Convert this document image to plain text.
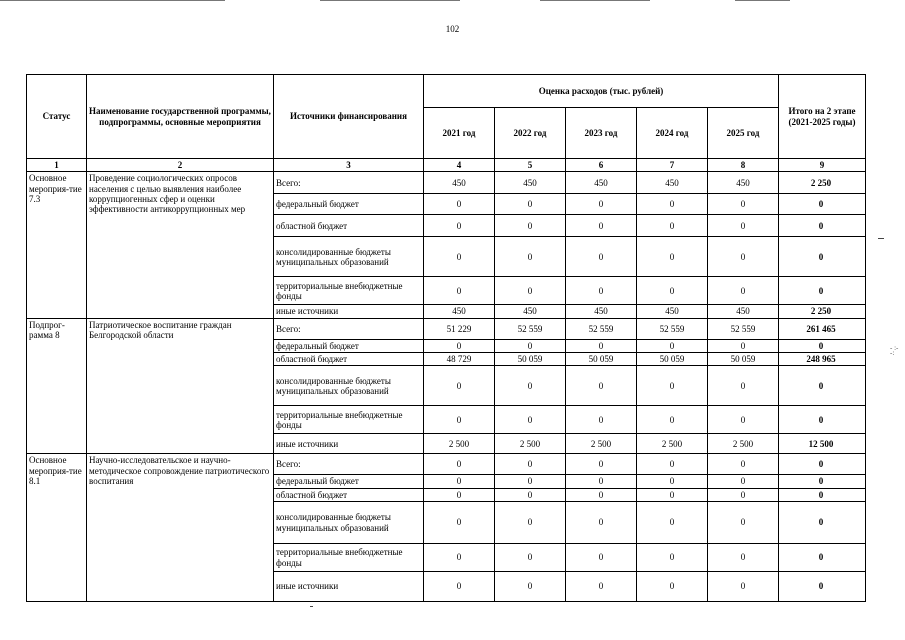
102
Статус	Наименование государственной программы, подпрограммы, основные мероприятия	Источники финансирования	Оценка расходов (тыс. рублей)					Итого на 2 этапе (2021-2025 годы)
			2021 год	2022 год	2023 год	2024 год	2025 год	
1	2	3	4	5	6	7	8	9
Основное мероприя-тие 7.3	Проведение социологических опросов населения с целью выявления наиболее коррупциогенных сфер и оценки эффективности антикоррупционных мер	Всего:	450	450	450	450	450	2 250
		федеральный бюджет	0	0	0	0	0	0
		областной бюджет	0	0	0	0	0	0
		консолидированные бюджеты муниципальных образований	0	0	0	0	0	0
		территориальные внебюджетные фонды	0	0	0	0	0	0
		иные источники	450	450	450	450	450	2 250
Подпрог-рамма 8	Патриотическое воспитание граждан Белгородской области	Всего:	51 229	52 559	52 559	52 559	52 559	261 465
		федеральный бюджет	0	0	0	0	0	0
		областной бюджет	48 729	50 059	50 059	50 059	50 059	248 965
		консолидированные бюджеты муниципальных образований	0	0	0	0	0	0
		территориальные внебюджетные фонды	0	0	0	0	0	0
		иные источники	2 500	2 500	2 500	2 500	2 500	12 500
Основное мероприя-тие 8.1	Научно-исследовательское и научно-методическое сопровождение патриотического воспитания	Всего:	0	0	0	0	0	0
		федеральный бюджет	0	0	0	0	0	0
		областной бюджет	0	0	0	0	0	0
		консолидированные бюджеты муниципальных образований	0	0	0	0	0	0
		территориальные внебюджетные фонды	0	0	0	0	0	0
		иные источники	0	0	0	0	0	0
- :- -:
